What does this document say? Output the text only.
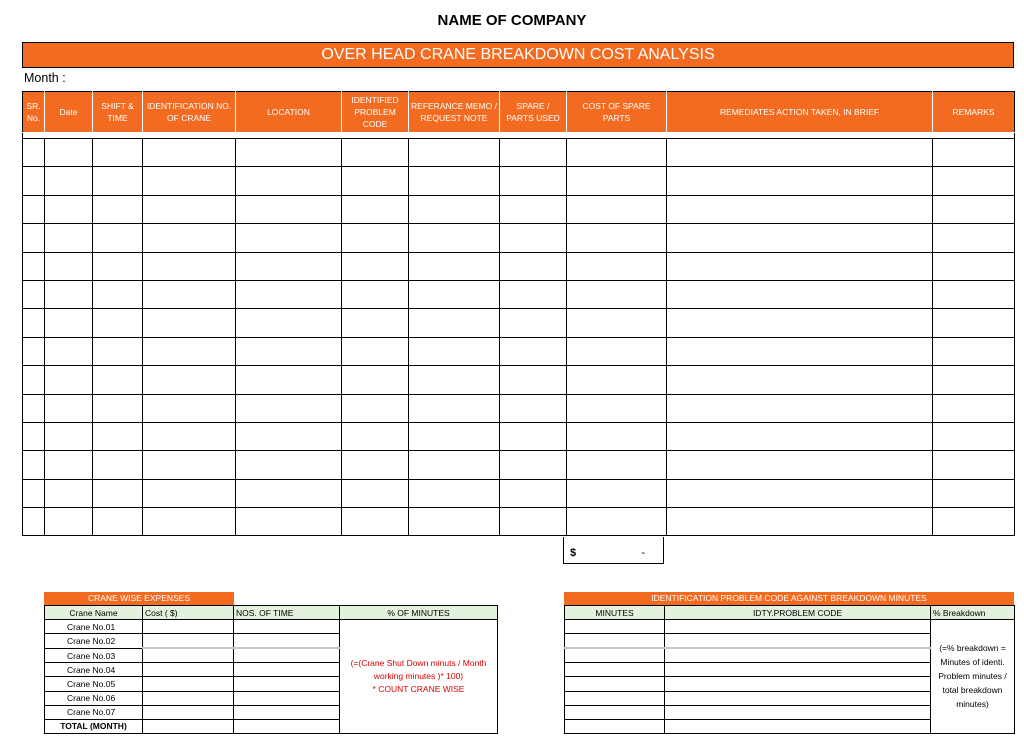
NAME OF COMPANY
OVER HEAD CRANE BREAKDOWN COST ANALYSIS
Month :
SR. No.	Date	SHIFT & TIME	IDENTIFICATION NO. OF CRANE	LOCATION	IDENTIFIED PROBLEM CODE	REFERANCE MEMO / REQUEST NOTE	SPARE / PARTS USED	COST OF SPARE PARTS	REMEDIATES ACTION TAKEN, IN BRIEF	REMARKS

$	-
CRANE WISE EXPENSES
Crane Name	Cost ( $)	NOS. OF TIME	% OF MINUTES
Crane No.01			(=(Crane Shut Down minuts / Month working minutes )* 100)
* COUNT CRANE WISE

Crane No.02			
Crane No.03			
Crane No.04			
Crane No.05			
Crane No.06			
Crane No.07			
TOTAL (MONTH)			
IDENTIFICATION PROBLEM CODE AGAINST BREAKDOWN MINUTES
MINUTES	IDTY.PROBLEM CODE	% Breakdown
		(=% breakdown = Minutes of identi. Problem minutes / total breakdown minutes)
